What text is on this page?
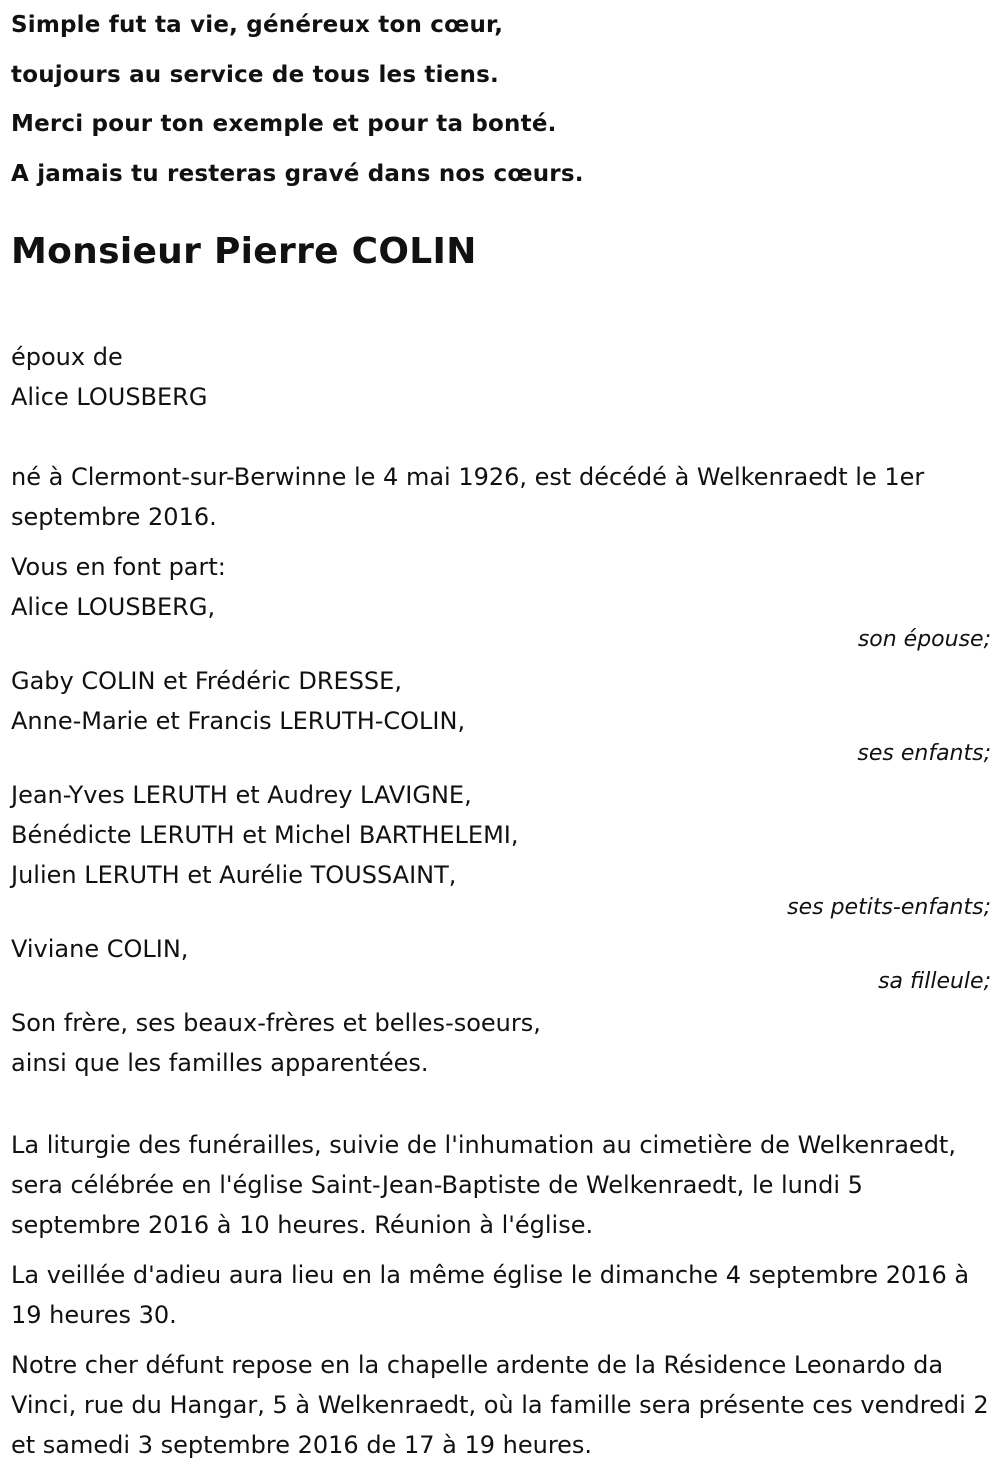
Simple fut ta vie, généreux ton cœur,

toujours au service de tous les tiens.

Merci pour ton exemple et pour ta bonté.

A jamais tu resteras gravé dans nos cœurs.

Monsieur Pierre COLIN

époux de

Alice LOUSBERG

né à Clermont-sur-Berwinne le 4 mai 1926, est décédé à Welkenraedt le 1er septembre 2016.

Vous en font part:

Alice LOUSBERG,

son épouse;

Gaby COLIN et Frédéric DRESSE,

Anne-Marie et Francis LERUTH-COLIN,

ses enfants;

Jean-Yves LERUTH et Audrey LAVIGNE,

Bénédicte LERUTH et Michel BARTHELEMI,

Julien LERUTH et Aurélie TOUSSAINT,

ses petits-enfants;

Viviane COLIN,

sa filleule;

Son frère, ses beaux-frères et belles-soeurs,

ainsi que les familles apparentées.

La liturgie des funérailles, suivie de l'inhumation au cimetière de Welkenraedt, sera célébrée en l'église Saint-Jean-Baptiste de Welkenraedt, le lundi 5 septembre 2016 à 10 heures. Réunion à l'église.

La veillée d'adieu aura lieu en la même église le dimanche 4 septembre 2016 à 19 heures 30.

Notre cher défunt repose en la chapelle ardente de la Résidence Leonardo da Vinci, rue du Hangar, 5 à Welkenraedt, où la famille sera présente ces vendredi 2 et samedi 3 septembre 2016 de 17 à 19 heures.
